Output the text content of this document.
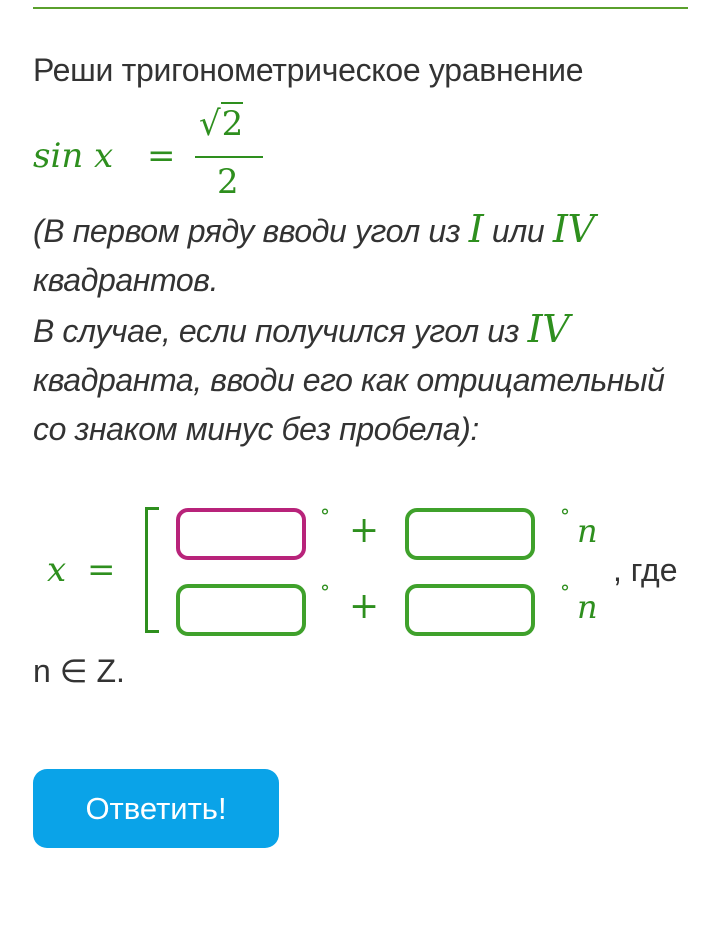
Реши тригонометрическое уравнение
sin x =
√2
2
(В первом ряду вводи угол из I или IV
квадрантов.
В случае, если получился угол из IV
квадранта, вводи его как отрицательный со знаком минус без пробела):
x =
° +	° n
° +	° n
, где
n ∈ Z.
Ответить!
